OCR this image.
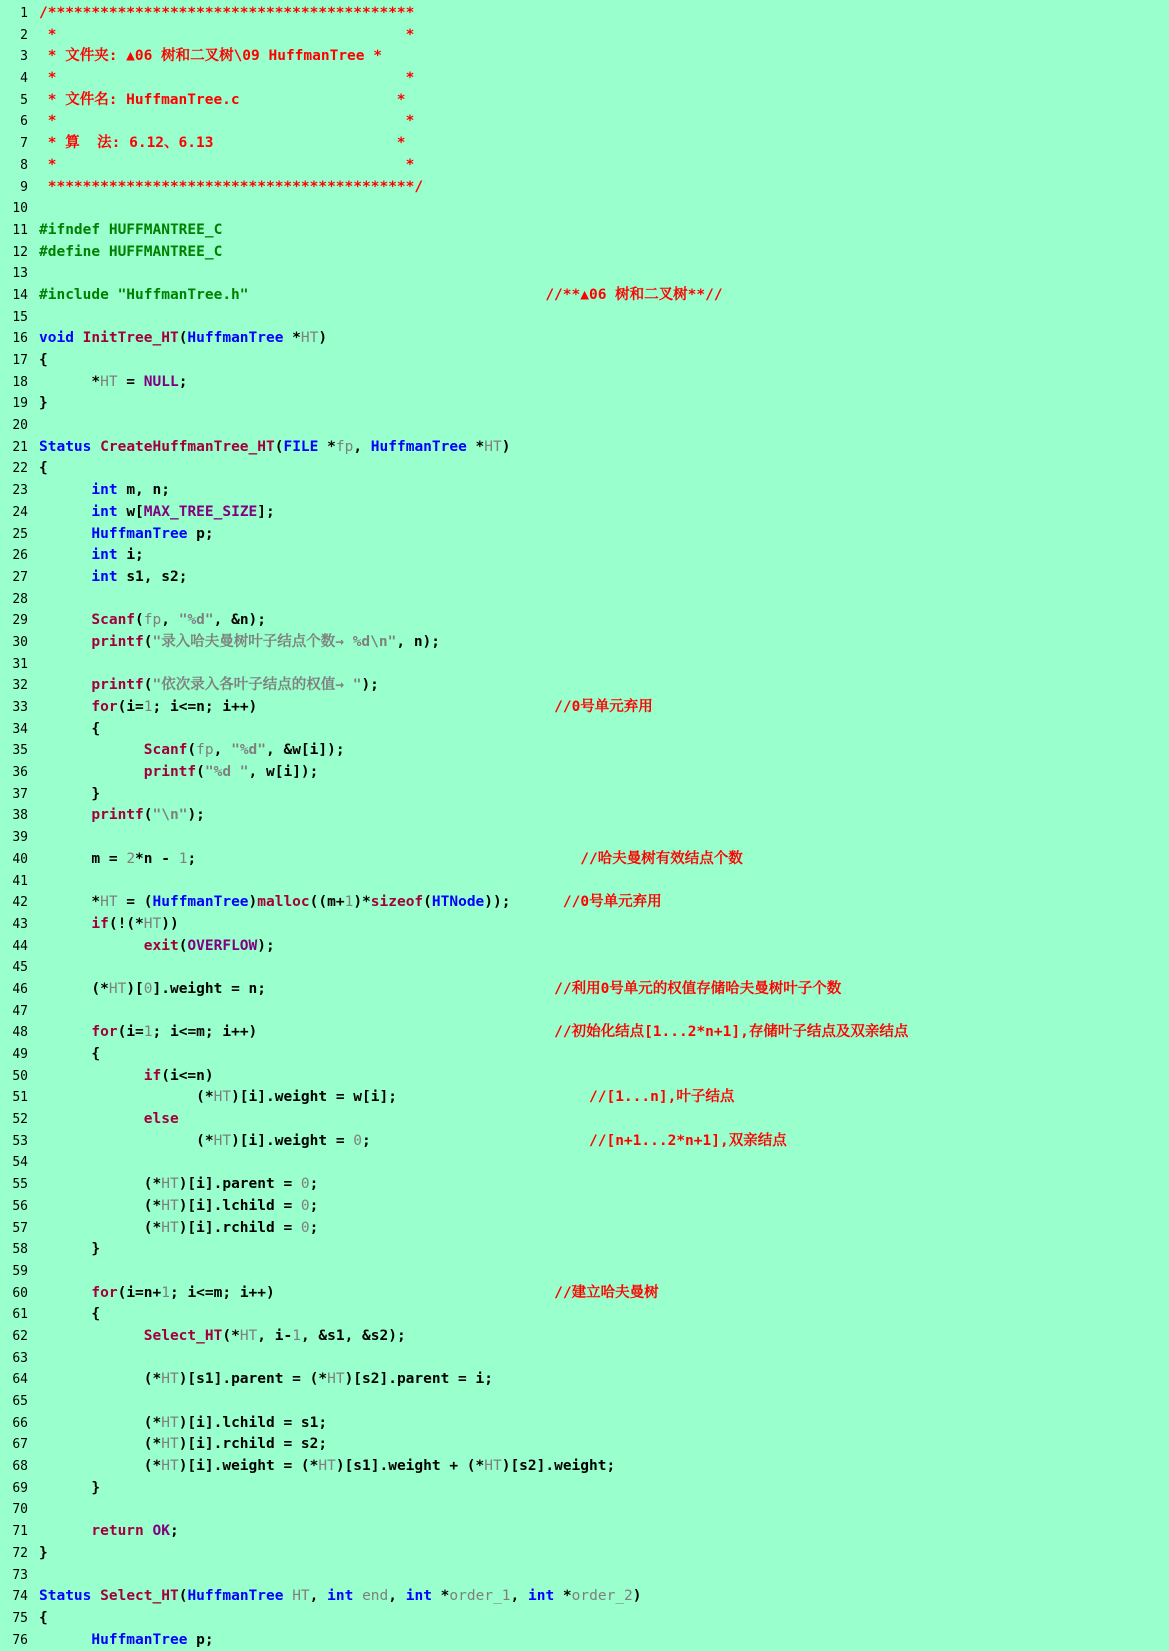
1 /******************************************
2 *                                        *
3 * 文件夹: ▲06 树和二叉树\09 HuffmanTree *
4 *                                        *
5 * 文件名: HuffmanTree.c                  *
6 *                                        *
7 * 算  法: 6.12、6.13                     *
8 *                                        *
9 ******************************************/
10
11 #ifndef HUFFMANTREE_C
12 #define HUFFMANTREE_C
13
14 #include "HuffmanTree.h"	//**▲06 树和二叉树**//
15
16 void InitTree_HT(HuffmanTree *HT)
17 {
18 *HT = NULL;
19 }
20
21 Status CreateHuffmanTree_HT(FILE *fp, HuffmanTree *HT)
22 {
23	int m, n;
24	int w[MAX_TREE_SIZE];
25	HuffmanTree p;
26	int i;
27	int s1, s2;
28
29	Scanf(fp, "%d", &n);
30	printf("录入哈夫曼树叶子结点个数→ %d\n", n);
31
32	printf("依次录入各叶子结点的权值→ ");
33	for(i=1; i<=n; i++)	//0号单元弃用
34 {
35	Scanf(fp, "%d", &w[i]);
36	printf("%d ", w[i]);
37 }
38	printf("\n");
39
40 m = 2*n - 1;	//哈夫曼树有效结点个数
41
42 *HT = (HuffmanTree)malloc((m+1)*sizeof(HTNode));	//0号单元弃用
43	if(!(*HT))
44	exit(OVERFLOW);
45
46 (*HT)[0].weight = n;	//利用0号单元的权值存储哈夫曼树叶子个数
47
48	for(i=1; i<=m; i++)	//初始化结点[1...2*n+1],存储叶子结点及双亲结点
49 {
50	if(i<=n)
51 (*HT)[i].weight = w[i];	//[1...n],叶子结点
52	else
53 (*HT)[i].weight = 0;	//[n+1...2*n+1],双亲结点
54
55 (*HT)[i].parent = 0;
56 (*HT)[i].lchild = 0;
57 (*HT)[i].rchild = 0;
58 }
59
60	for(i=n+1; i<=m; i++)	//建立哈夫曼树
61 {
62	Select_HT(*HT, i-1, &s1, &s2);
63
64 (*HT)[s1].parent = (*HT)[s2].parent = i;
65
66 (*HT)[i].lchild = s1;
67 (*HT)[i].rchild = s2;
68 (*HT)[i].weight = (*HT)[s1].weight + (*HT)[s2].weight;
69 }
70
71	return OK;
72 }
73
74 Status Select_HT(HuffmanTree HT, int end, int *order_1, int *order_2)
75 {
76	HuffmanTree p;
